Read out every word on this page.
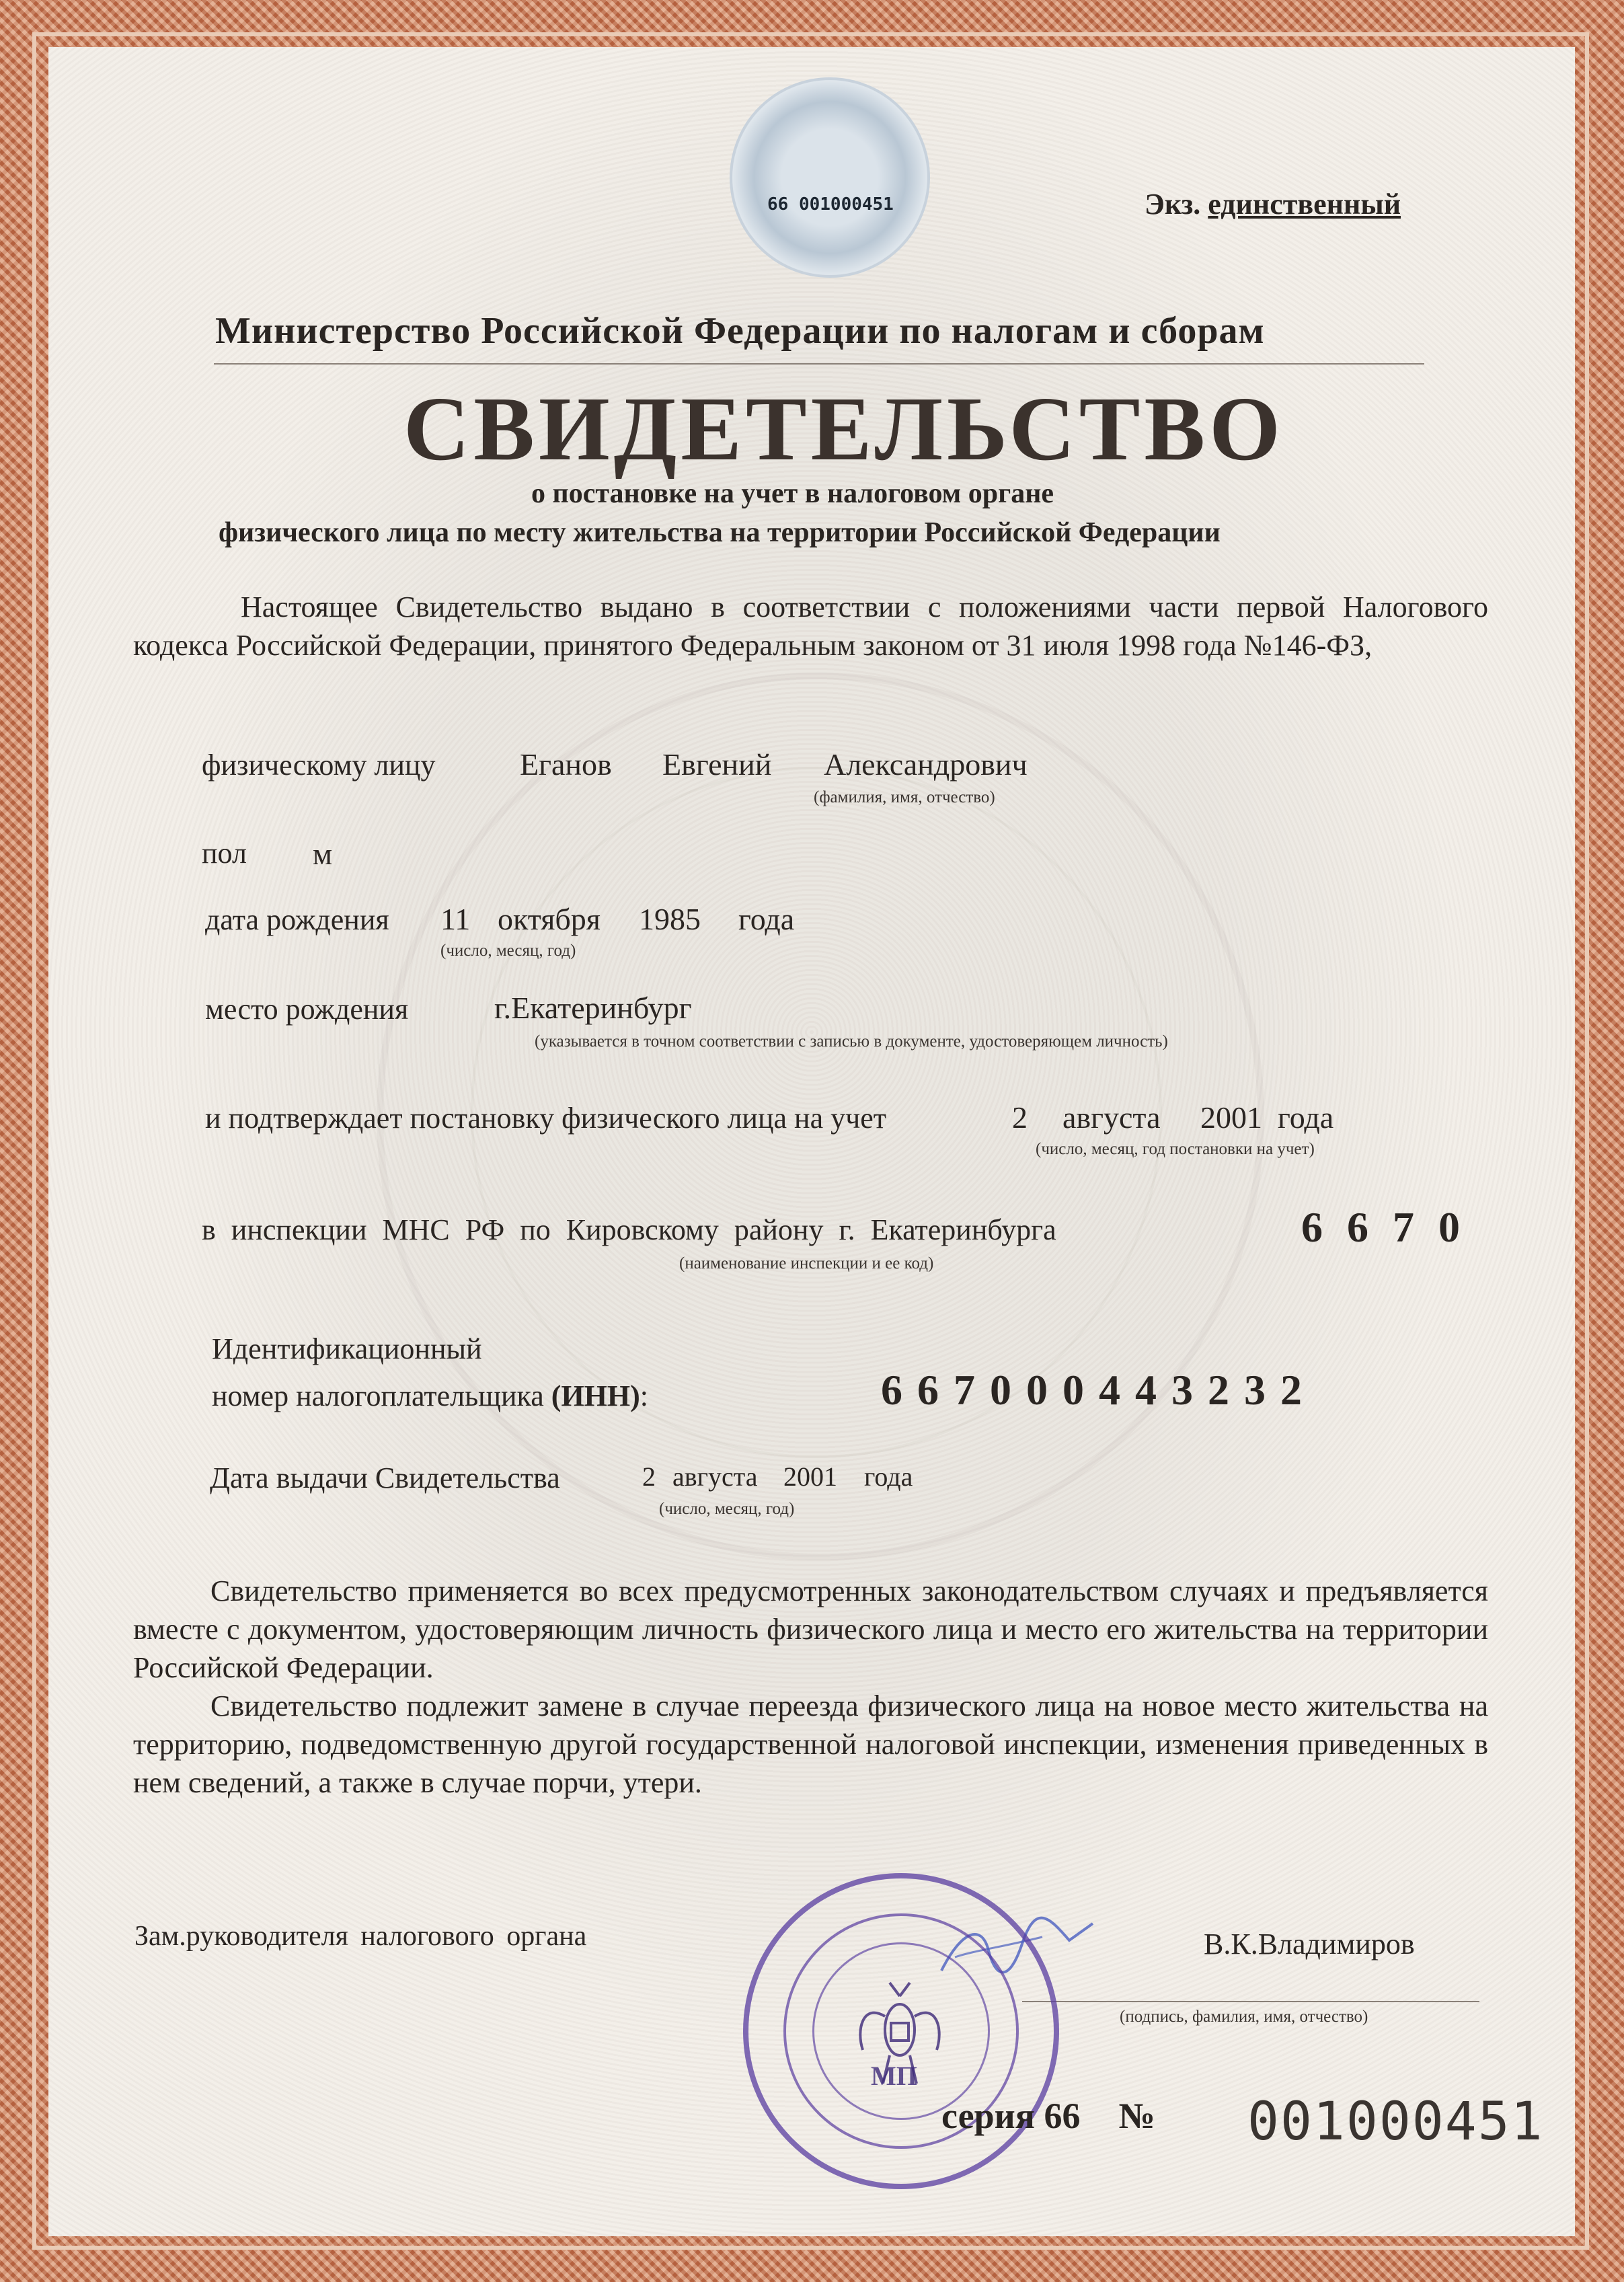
66 001000451	Экз. единственный
Министерство Российской Федерации по налогам и сборам
СВИДЕТЕЛЬСТВО
о постановке на учет в налоговом органе
физического лица по месту жительства на территории Российской Федерации
Настоящее Свидетельство выдано в соответствии с положениями части первой Налогового кодекса Российской Федерации, принятого Федеральным законом от 31 июля 1998 года №146-ФЗ,
физическому лицу	Еганов Евгений Александрович
(фамилия, имя, отчество)
пол м
дата рождения 11 октября 1985 года
(число, месяц, год)
место рождения	г.Екатеринбург
(указывается в точном соответствии с записью в документе, удостоверяющем личность)
и подтверждает постановку физического лица на учет	2 августа 2001 года
(число, месяц, год постановки на учет)
в инспекции МНС РФ по Кировскому району г. Екатеринбурга	6670
(наименование инспекции и ее код)
Идентификационный
номер налогоплательщика (ИНН):	667000443232
Дата выдачи Свидетельства	2 августа 2001 года
(число, месяц, год)
Свидетельство применяется во всех предусмотренных законодательством случаях и предъявляется вместе с документом, удостоверяющим личность физического лица и место его жительства на территории Российской Федерации.
Свидетельство подлежит замене в случае переезда физического лица на новое место жительства на территорию, подведомственную другой государственной налоговой инспекции, изменения приведенных в нем сведений, а также в случае порчи, утери.
Зам.руководителя налогового органа	В.К.Владимиров
(подпись, фамилия, имя, отчество)
МП
серия 66 № 001000451
